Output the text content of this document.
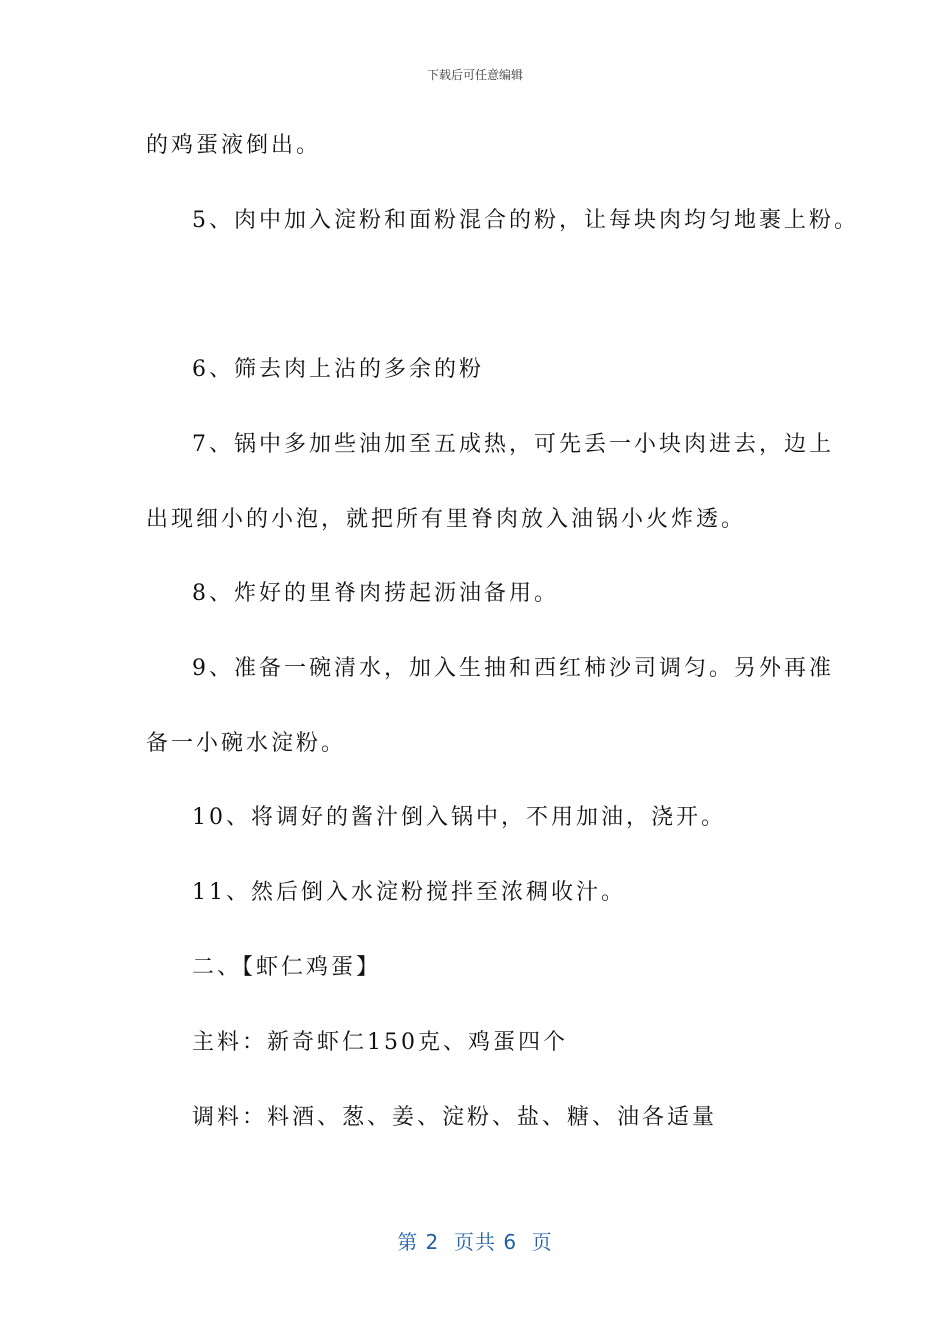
下载后可任意编辑
的鸡蛋液倒出。
5、肉中加入淀粉和面粉混合的粉，让每块肉均匀地裹上粉。
6、筛去肉上沾的多余的粉
7、锅中多加些油加至五成热，可先丢一小块肉进去，边上
出现细小的小泡，就把所有里脊肉放入油锅小火炸透。
8、炸好的里脊肉捞起沥油备用。
9、准备一碗清水，加入生抽和西红柿沙司调匀。另外再准
备一小碗水淀粉。
10、将调好的酱汁倒入锅中，不用加油，浇开。
11、然后倒入水淀粉搅拌至浓稠收汁。
二、【虾仁鸡蛋】
主料：新奇虾仁150克、鸡蛋四个
调料：料酒、葱、姜、淀粉、盐、糖、油各适量
第 2  页共 6  页
